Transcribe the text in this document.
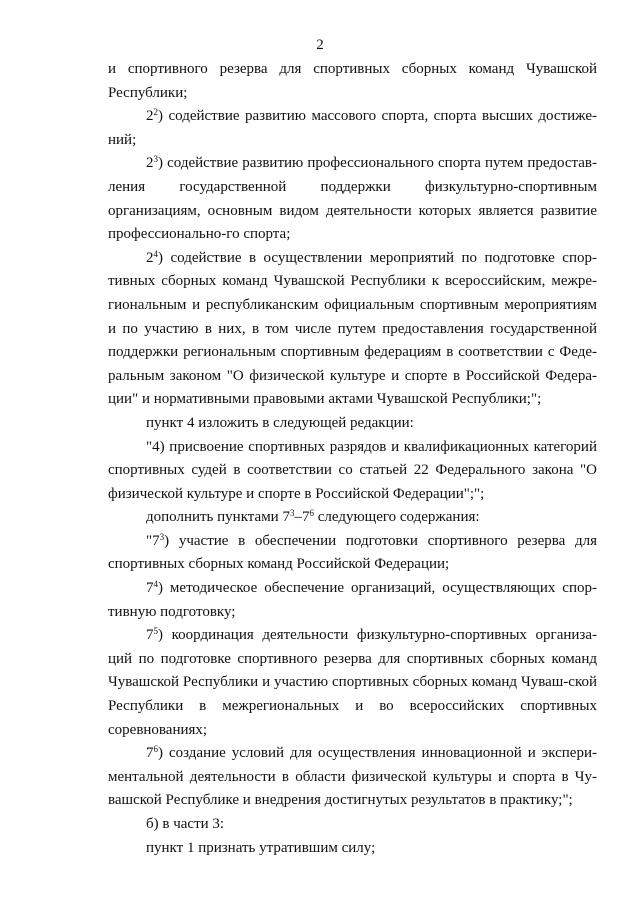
2

и спортивного резерва для спортивных сборных команд Чувашской Республики;

$2^2$) содействие развитию массового спорта, спорта высших достиже-ний;

$2^3$) содействие развитию профессионального спорта путем предостав-ления государственной поддержки физкультурно-спортивным организациям, основным видом деятельности которых является развитие профессионально-го спорта;

$2^4$) содействие в осуществлении мероприятий по подготовке спор-тивных сборных команд Чувашской Республики к всероссийским, межре-гиональным и республиканским официальным спортивным мероприятиям и по участию в них, в том числе путем предоставления государственной поддержки региональным спортивным федерациям в соответствии с Феде-ральным законом "О физической культуре и спорте в Российской Федера-ции" и нормативными правовыми актами Чувашской Республики;";

пункт 4 изложить в следующей редакции:

"4) присвоение спортивных разрядов и квалификационных категорий спортивных судей в соответствии со статьей 22 Федерального закона "О физической культуре и спорте в Российской Федерации";";

дополнить пунктами $7^3-7^6$ следующего содержания:

"$7^3$) участие в обеспечении подготовки спортивного резерва для спортивных сборных команд Российской Федерации;

$7^4$) методическое обеспечение организаций, осуществляющих спор-тивную подготовку;

$7^5$) координация деятельности физкультурно-спортивных организа-ций по подготовке спортивного резерва для спортивных сборных команд Чувашской Республики и участию спортивных сборных команд Чуваш-ской Республики в межрегиональных и во всероссийских спортивных соревнованиях;

$7^6$) создание условий для осуществления инновационной и экспери-ментальной деятельности в области физической культуры и спорта в Чу-вашской Республике и внедрения достигнутых результатов в практику;";

б) в части 3:

пункт 1 признать утратившим силу;
